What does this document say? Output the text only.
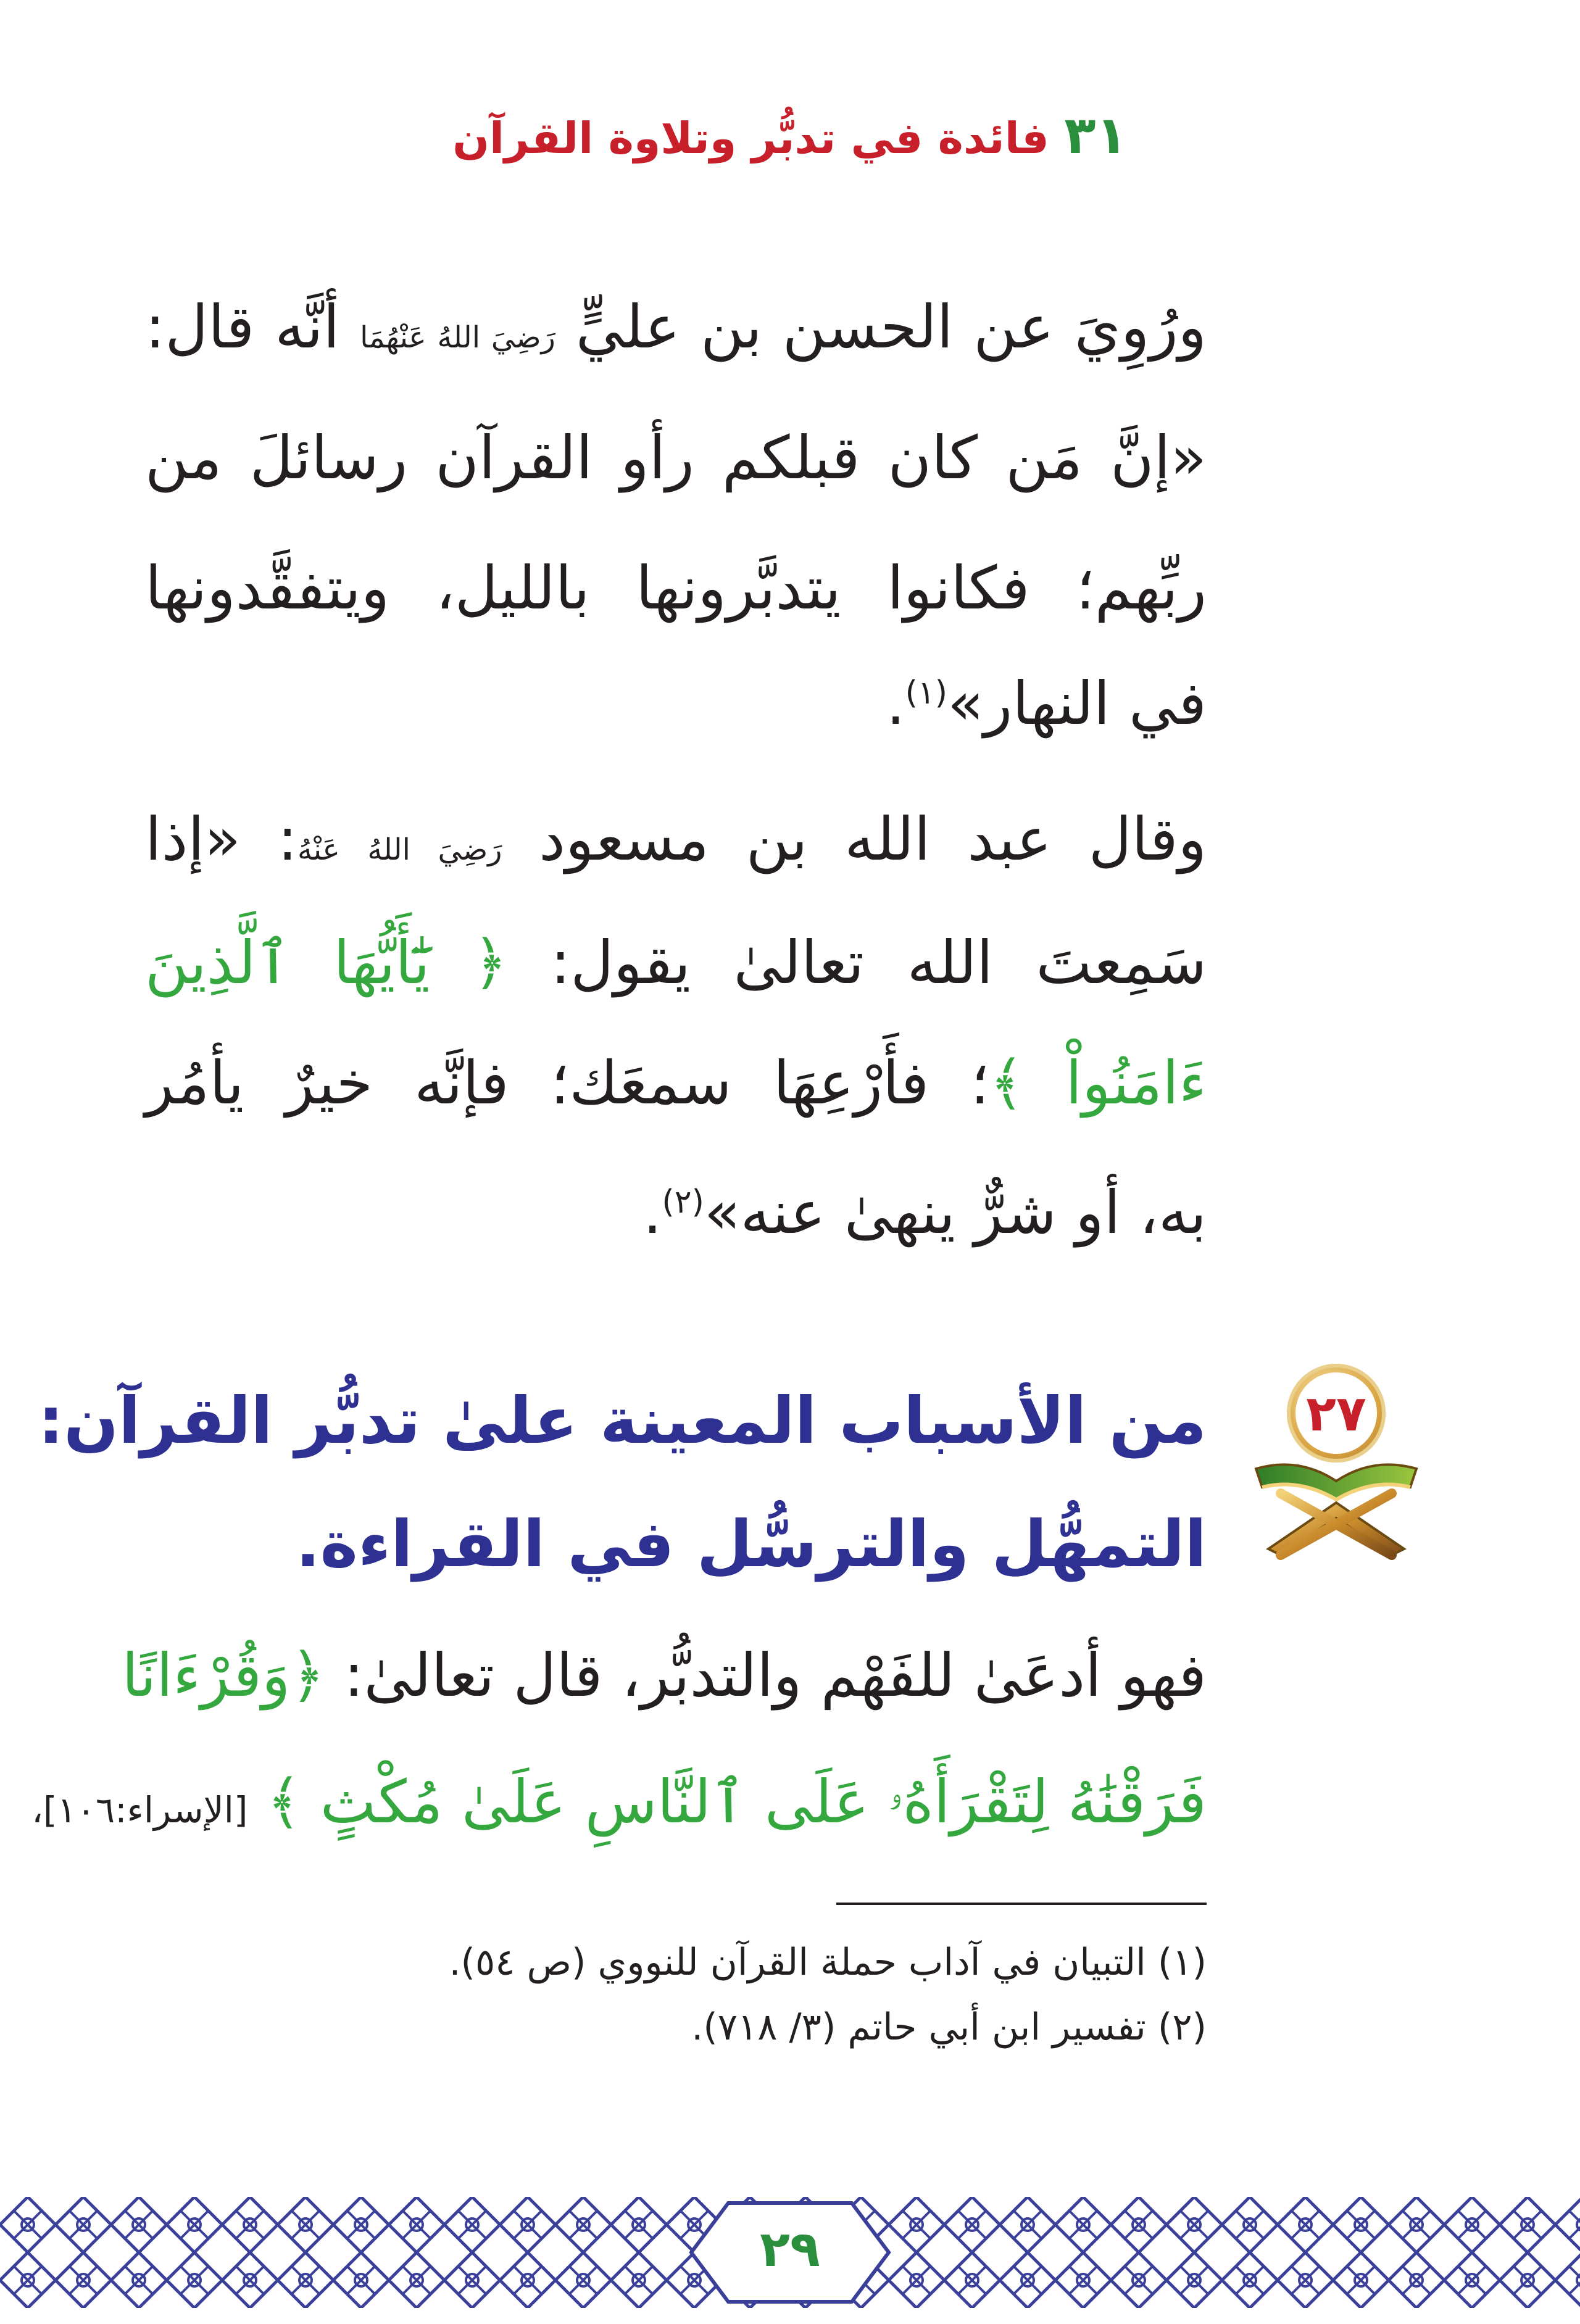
٣١ فائدة في تدبُّر وتلاوة القرآن
ورُوِيَ عن الحسن بن عليٍّ رَضِيَ اللهُ عَنْهُمَا أنَّه قال:
«إنَّ مَن كان قبلكم رأو القرآن رسائلَ من
ربِّهم؛ فكانوا يتدبَّرونها بالليل، ويتفقَّدونها
في النهار»$^{(١)}$.
وقال عبد الله بن مسعود رَضِيَ اللهُ عَنْهُ: «إذا
سَمِعتَ الله تعالىٰ يقول: ﴿ يَٰٓأَيُّهَا ٱلَّذِينَ
ءَامَنُواْ ﴾؛ فأَرْعِهَا سمعَك؛ فإنَّه خيرٌ يأمُر
به، أو شرٌّ ينهىٰ عنه»$^{(٢)}$.
٢٧
من الأسباب المعينة علىٰ تدبُّر القرآن:
التمهُّل والترسُّل في القراءة.
فهو أدعَىٰ للفَهْم والتدبُّر، قال تعالىٰ: ﴿وَقُرْءَانًا
فَرَقْنَٰهُ لِتَقْرَأَهُۥ عَلَى ٱلنَّاسِ عَلَىٰ مُكْثٍ ﴾ [الإسراء:١٠٦]،
(١) التبيان في آداب حملة القرآن للنووي (ص ٥٤).
(٢) تفسير ابن أبي حاتم (٣/ ٧١٨).
٢٩
